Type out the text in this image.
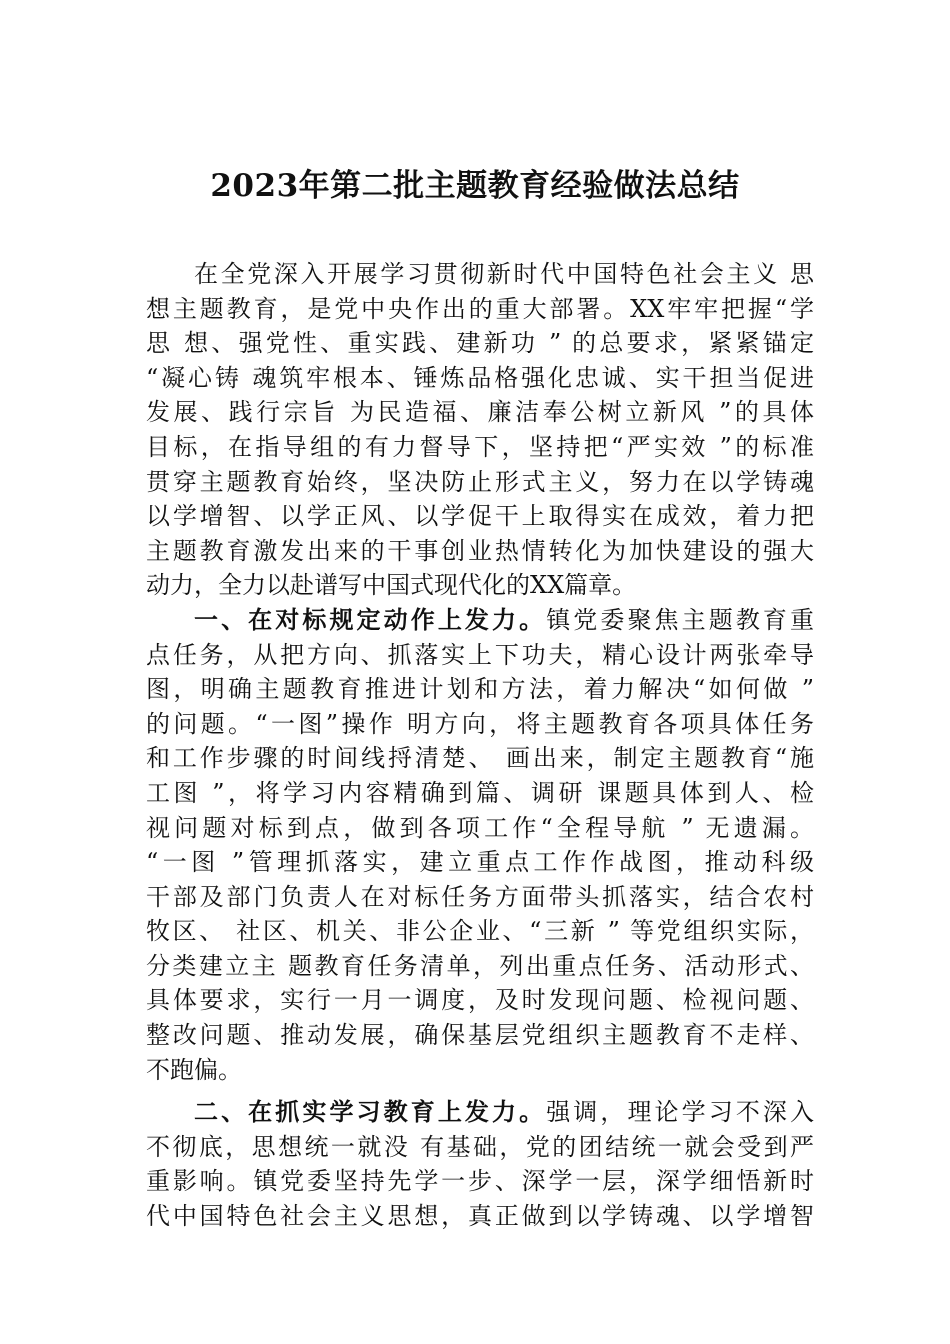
2023年第二批主题教育经验做法总结
在全党深入开展学习贯彻新时代中国特色社会主义 思
想主题教育，是党中央作出的重大部署。XX牢牢把握“学
思 想、强党性、重实践、建新功 ” 的总要求，紧紧锚定
“凝心铸 魂筑牢根本、锤炼品格强化忠诚、实干担当促进
发展、践行宗旨 为民造福、廉洁奉公树立新风 ”的具体
目标，在指导组的有力督导下，坚持把“严实效 ”的标准
贯穿主题教育始终，坚决防止形式主义，努力在以学铸魂
以学增智、以学正风、以学促干上取得实在成效，着力把
主题教育激发出来的干事创业热情转化为加快建设的强大
动力，全力以赴谱写中国式现代化的XX篇章。
一、在对标规定动作上发力。镇党委聚焦主题教育重
点任务，从把方向、抓落实上下功夫，精心设计两张牵导
图，明确主题教育推进计划和方法，着力解决“如何做 ”
的问题。“一图”操作 明方向，将主题教育各项具体任务
和工作步骤的时间线捋清楚、 画出来，制定主题教育“施
工图 ”，将学习内容精确到篇、调研 课题具体到人、检
视问题对标到点，做到各项工作“全程导航 ” 无遗漏。
“一图 ”管理抓落实，建立重点工作作战图，推动科级
干部及部门负责人在对标任务方面带头抓落实，结合农村
牧区、 社区、机关、非公企业、“三新 ” 等党组织实际，
分类建立主 题教育任务清单，列出重点任务、活动形式、
具体要求，实行一月一调度，及时发现问题、检视问题、
整改问题、推动发展，确保基层党组织主题教育不走样、
不跑偏。
二、在抓实学习教育上发力。强调，理论学习不深入
不彻底，思想统一就没 有基础，党的团结统一就会受到严
重影响。镇党委坚持先学一步、深学一层，深学细悟新时
代中国特色社会主义思想，真正做到以学铸魂、以学增智
